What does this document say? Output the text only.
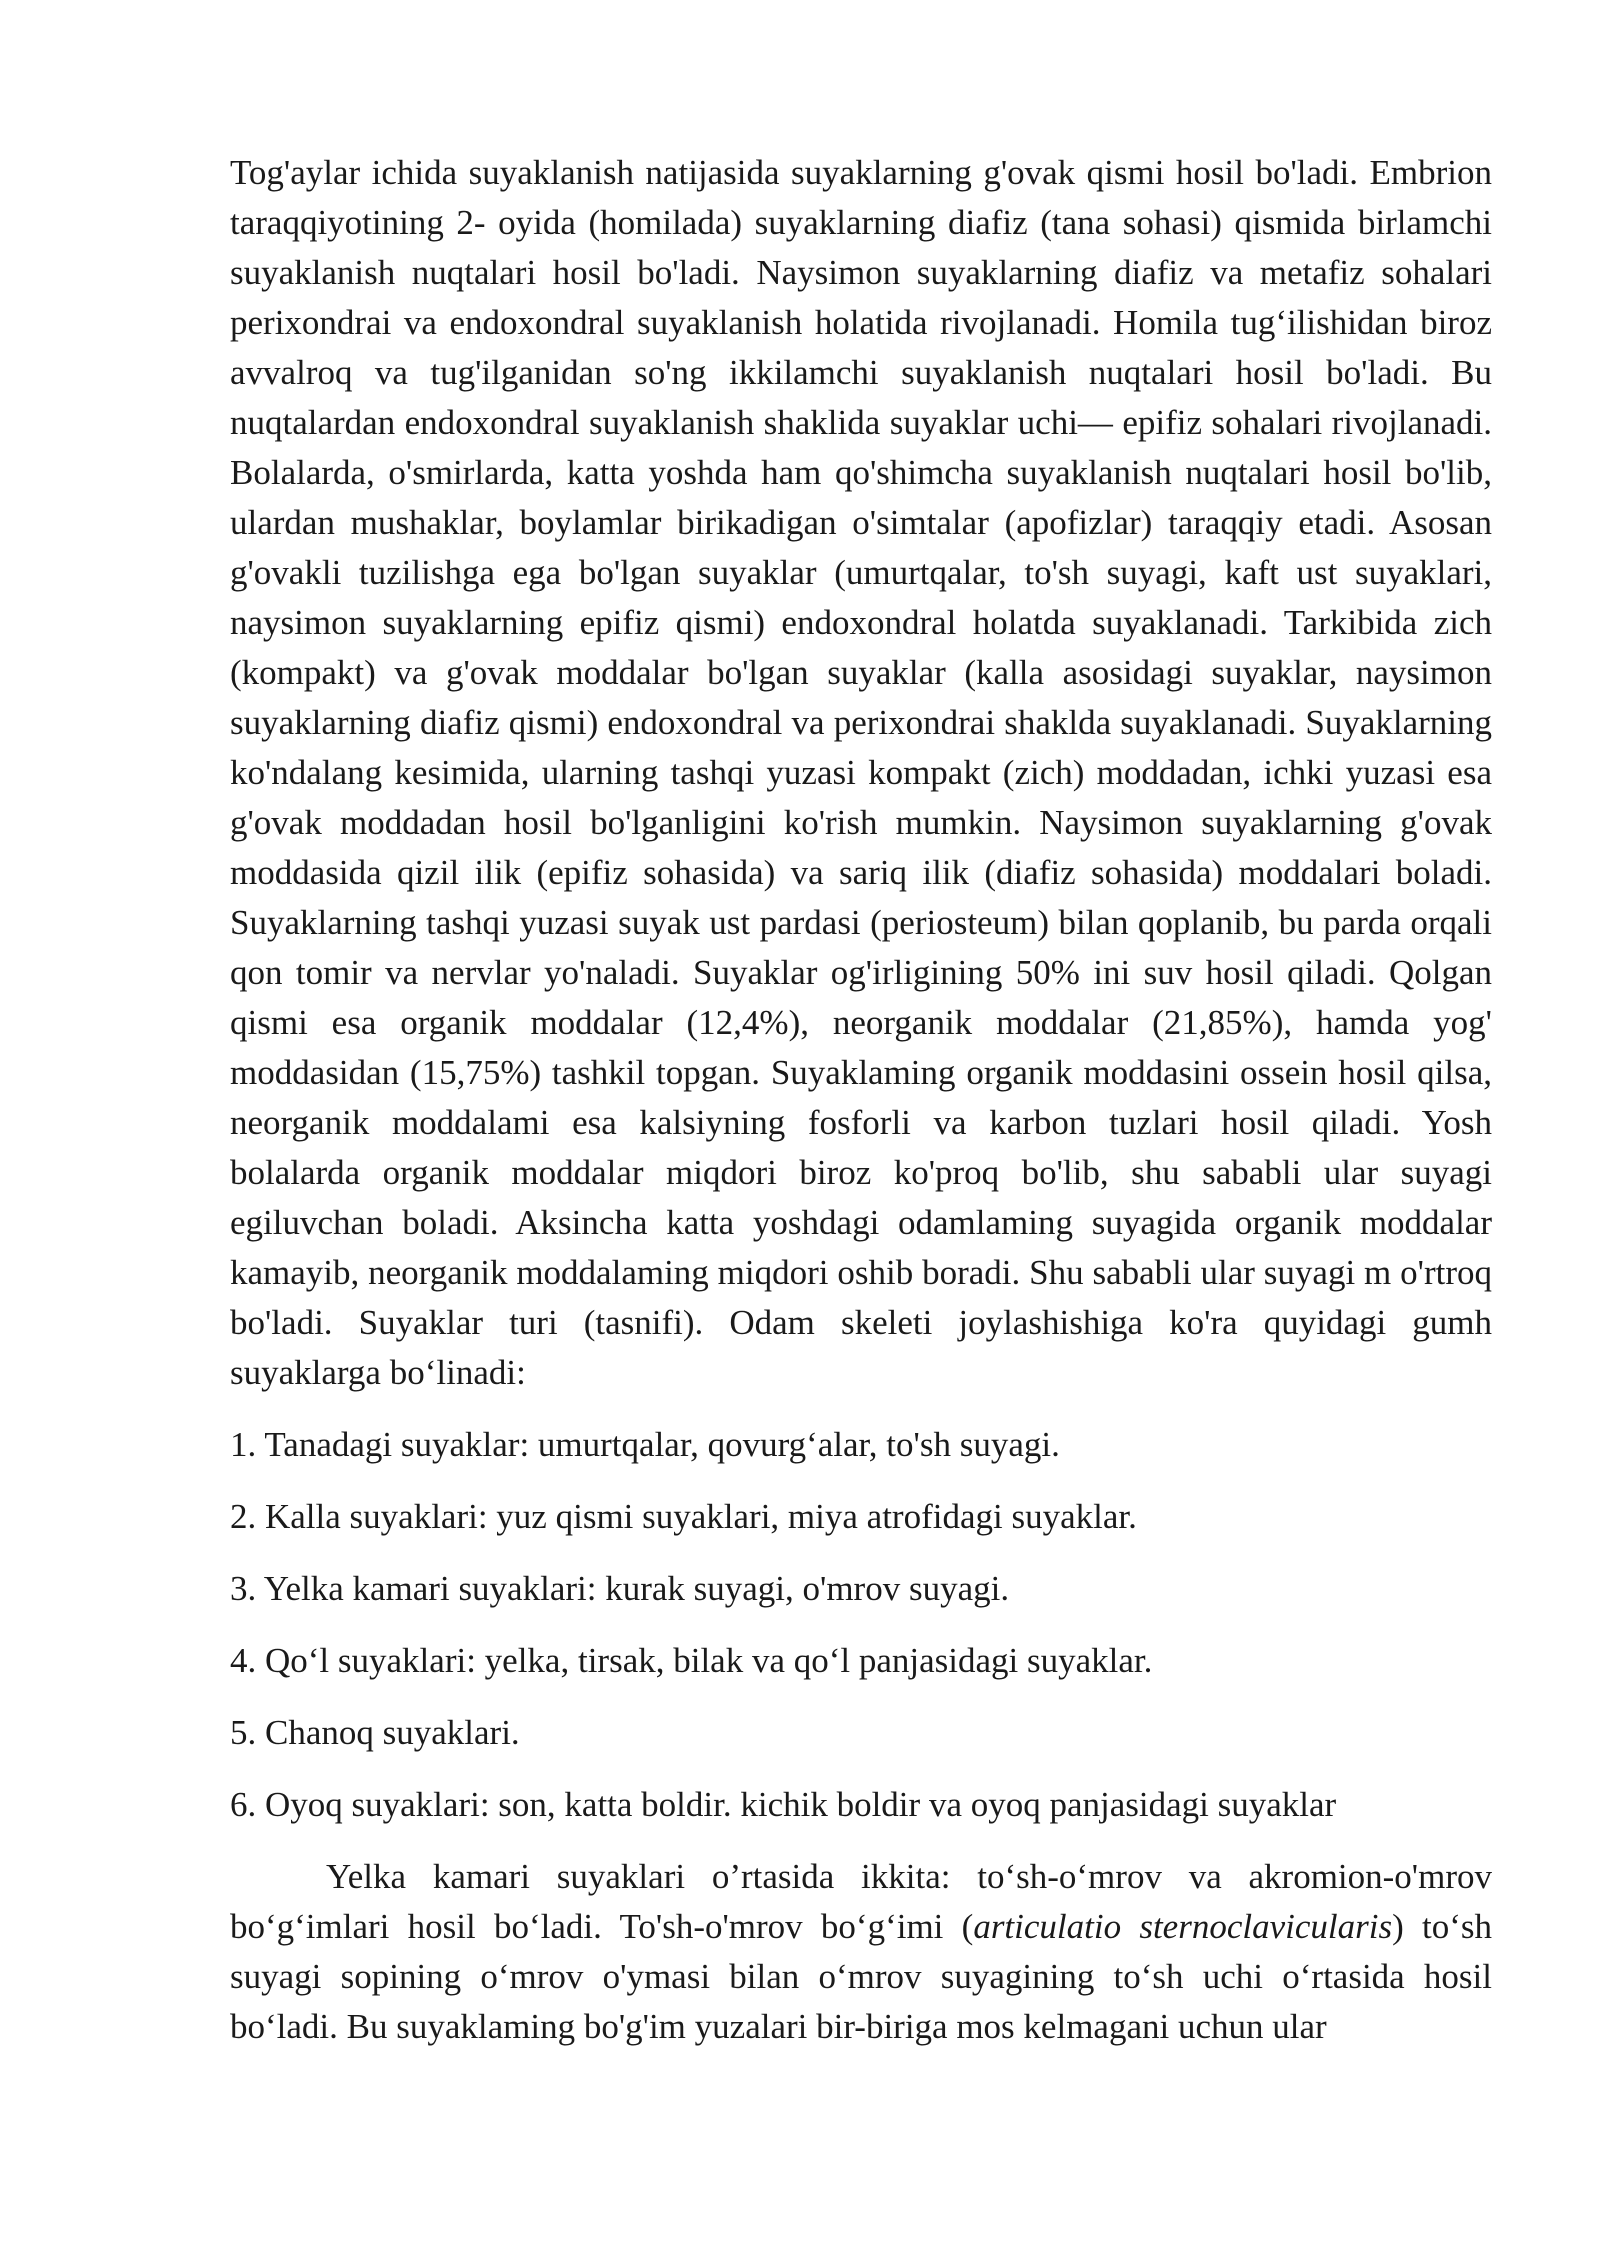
Tog'aylar ichida suyaklanish natijasida suyaklarning g'ovak qismi hosil bo'ladi. Embrion taraqqiyotining 2- oyida (homilada) suyaklarning diafiz (tana sohasi) qismida birlamchi suyaklanish nuqtalari hosil bo'ladi. Naysimon suyaklarning diafiz va metafiz sohalari perixondrai va endoxondral suyaklanish holatida rivojlanadi. Homila tug‘ilishidan biroz avvalroq va tug'ilganidan so'ng ikkilamchi suyaklanish nuqtalari hosil bo'ladi. Bu nuqtalardan endoxondral suyaklanish shaklida suyaklar uchi— epifiz sohalari rivojlanadi. Bolalarda, o'smirlarda, katta yoshda ham qo'shimcha suyaklanish nuqtalari hosil bo'lib, ulardan mushaklar, boylamlar birikadigan o'simtalar (apofizlar) taraqqiy etadi. Asosan g'ovakli tuzilishga ega bo'lgan suyaklar (umurtqalar, to'sh suyagi, kaft ust suyaklari, naysimon suyaklarning epifiz qismi) endoxondral holatda suyaklanadi. Tarkibida zich (kompakt) va g'ovak moddalar bo'lgan suyaklar (kalla asosidagi suyaklar, naysimon suyaklarning diafiz qismi) endoxondral va perixondrai shakldа suyaklanadi. Suyaklarning ko'ndalang kesimida, ularning tashqi yuzasi kompakt (zich) moddadan, ichki yuzasi esa g'ovak moddadan hosil bo'lganligini ko'rish mumkin. Naysimon suyaklarning g'ovak moddasida qizil ilik (epifiz sohasida) va sariq ilik (diafiz sohasida) moddalari boladi. Suyaklarning tashqi yuzasi suyak ust pardasi (periosteum) bilan qoplanib, bu parda orqali qon tomir va nervlar yo'naladi. Suyaklar og'irligining 50% ini suv hosil qiladi. Qolgan qismi esa organik moddalar (12,4%), neorganik moddalar (21,85%), hamda yog' moddasidan (15,75%) tashkil topgan. Suyaklaming organik moddasini ossein hosil qilsa, neorganik moddalami esa kalsiyning fosforli va karbon tuzlari hosil qiladi. Yosh bolalarda organik moddalar miqdori biroz ko'proq bo'lib, shu sababli ular suyagi egiluvchan boladi. Aksincha katta yoshdagi odamlaming suyagida organik moddalar kamayib, neorganik moddalaming miqdori oshib boradi. Shu sababli ular suyagi m o'rtroq bo'ladi. Suyaklar turi (tasnifi). Odam skeleti joylashishiga ko'ra quyidagi gumh suyaklarga bo‘linadi:

1. Tanadagi suyaklar: umurtqalar, qovurg‘alar, to'sh suyagi.
2. Kalla suyaklari: yuz qismi suyaklari, miya atrofidagi suyaklar.
3. Yelka kamari suyaklari: kurak suyagi, o'mrov suyagi.
4. Qo‘l suyaklari: yelka, tirsak, bilak va qo‘l panjasidagi suyaklar.
5. Chanoq suyaklari.
6. Oyoq suyaklari: son, katta boldir. kichik boldir va oyoq panjasidagi suyaklar

Yelka kamari suyaklari o’rtasida ikkita: to‘sh-o‘mrov va akromion-o'mrov bo‘g‘imlari hosil bo‘ladi. To'sh-o'mrov bo‘g‘imi (articulatio sternoclavicularis) to‘sh suyagi sopining o‘mrov o'ymasi bilan o‘mrov suyagining to‘sh uchi o‘rtasida hosil bo‘ladi. Bu suyaklaming bo'g'im yuzalari bir-biriga mos kelmagani uchun ular
